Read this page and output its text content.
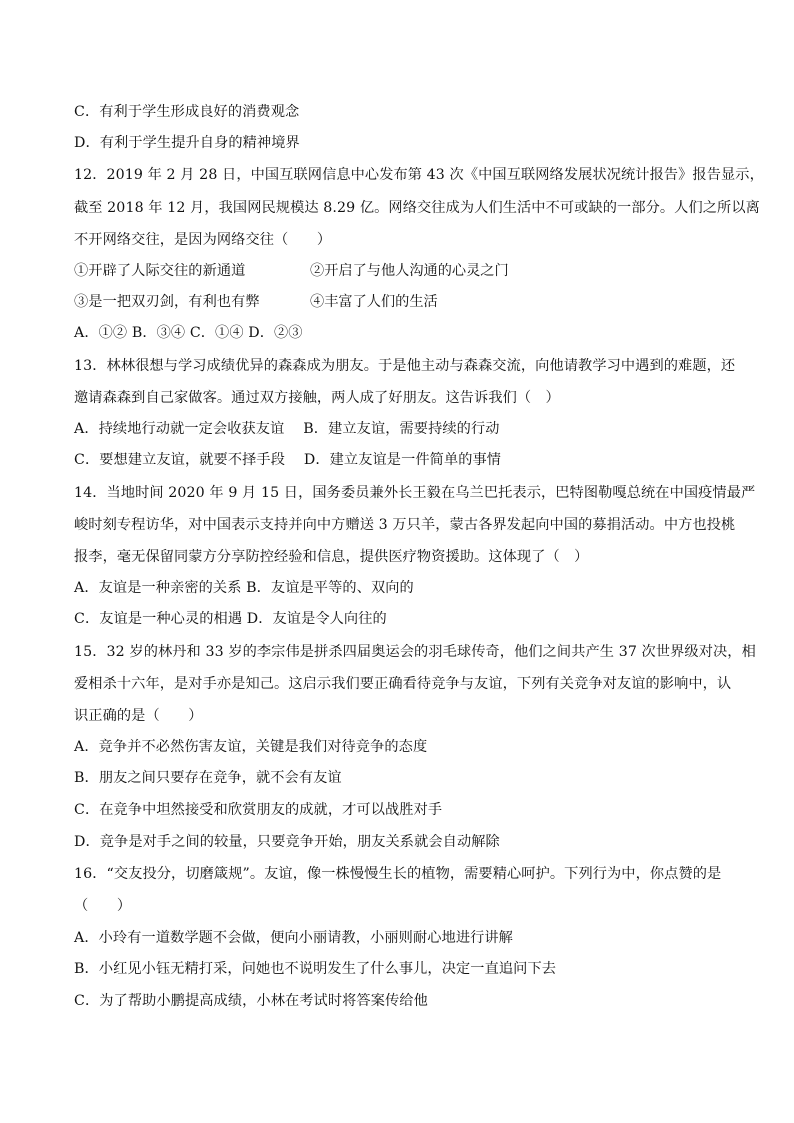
C．有利于学生形成良好的消费观念
D．有利于学生提升自身的精神境界
12．2019 年 2 月 28 日，中国互联网信息中心发布第 43 次《中国互联网络发展状况统计报告》报告显示，
截至 2018 年 12 月，我国网民规模达 8.29 亿。网络交往成为人们生活中不可或缺的一部分。人们之所以离
不开网络交往，是因为网络交往（　　）
①开辟了人际交往的新通道	②开启了与他人沟通的心灵之门
③是一把双刃剑，有利也有弊	④丰富了人们的生活
A．①② B．③④ C．①④ D．②③
13．林林很想与学习成绩优异的森森成为朋友。于是他主动与森森交流，向他请教学习中遇到的难题，还
邀请森森到自己家做客。通过双方接触，两人成了好朋友。这告诉我们（　）
A．持续地行动就一定会收获友谊　 B．建立友谊，需要持续的行动
C．要想建立友谊，就要不择手段　 D．建立友谊是一件简单的事情
14．当地时间 2020 年 9 月 15 日，国务委员兼外长王毅在乌兰巴托表示，巴特图勒嘎总统在中国疫情最严
峻时刻专程访华，对中国表示支持并向中方赠送 3 万只羊，蒙古各界发起向中国的募捐活动。中方也投桃
报李，毫无保留同蒙方分享防控经验和信息，提供医疗物资援助。这体现了（　）
A．友谊是一种亲密的关系 B．友谊是平等的、双向的
C．友谊是一种心灵的相遇 D．友谊是令人向往的
15．32 岁的林丹和 33 岁的李宗伟是拼杀四届奥运会的羽毛球传奇，他们之间共产生 37 次世界级对决，相
爱相杀十六年，是对手亦是知己。这启示我们要正确看待竞争与友谊，下列有关竞争对友谊的影响中，认
识正确的是（　　）
A．竞争并不必然伤害友谊，关键是我们对待竞争的态度
B．朋友之间只要存在竞争，就不会有友谊
C．在竞争中坦然接受和欣赏朋友的成就，才可以战胜对手
D．竞争是对手之间的较量，只要竞争开始，朋友关系就会自动解除
16．“交友投分，切磨箴规”。友谊，像一株慢慢生长的植物，需要精心呵护。下列行为中，你点赞的是
（　　）
A．小玲有一道数学题不会做，便向小丽请教，小丽则耐心地进行讲解
B．小红见小钰无精打采，问她也不说明发生了什么事儿，决定一直追问下去
C．为了帮助小鹏提高成绩，小林在考试时将答案传给他
